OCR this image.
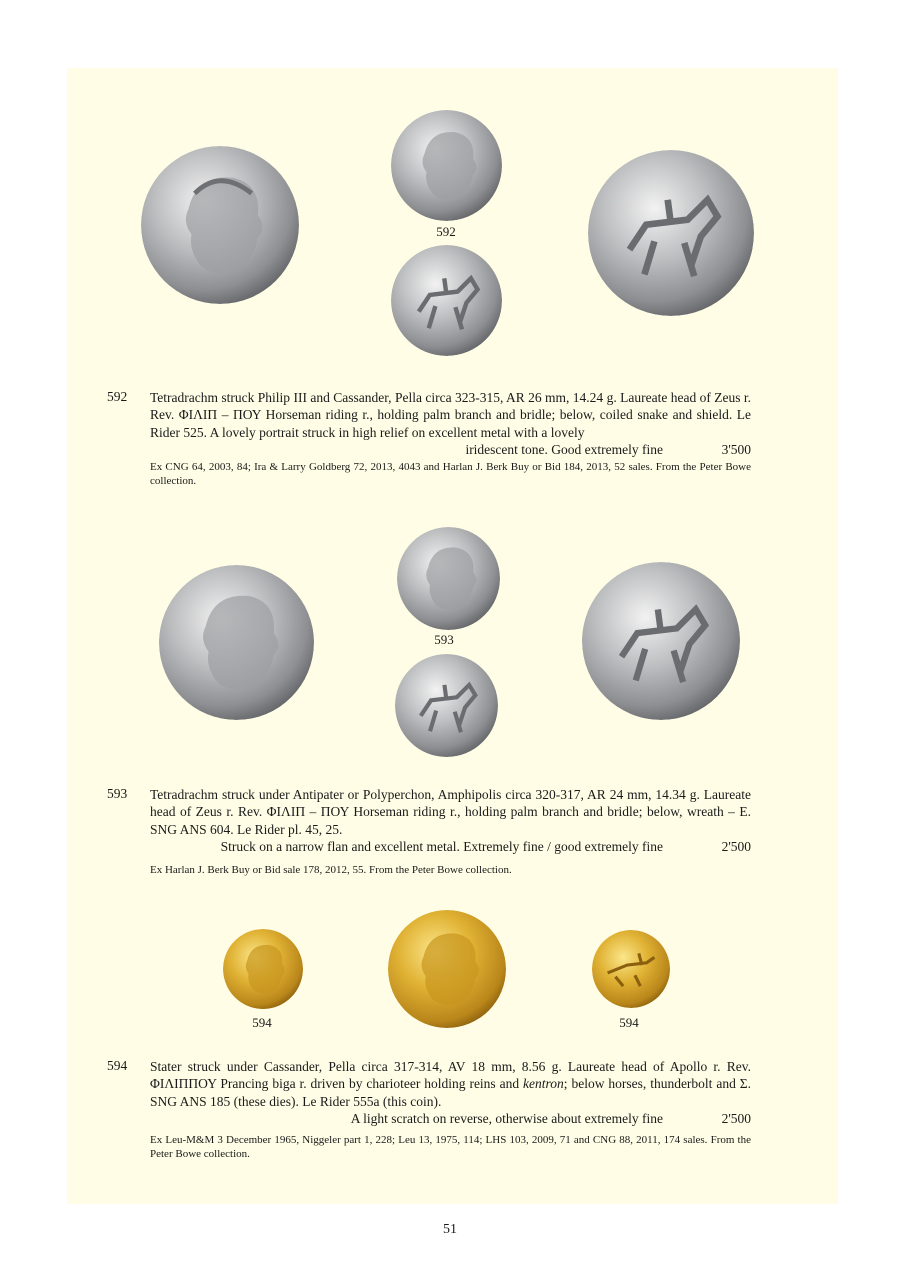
592
592 Tetradrachm struck Philip III and Cassander, Pella circa 323-315, AR 26 mm, 14.24 g. Laureate head of Zeus r. Rev. ΦΙΛΙΠ – ΠΟΥ Horseman riding r., holding palm branch and bridle; below, coiled snake and shield. Le Rider 525. A lovely portrait struck in high relief on excellent metal with a lovely
iridescent tone. Good extremely fine	3'500
Ex CNG 64, 2003, 84; Ira & Larry Goldberg 72, 2013, 4043 and Harlan J. Berk Buy or Bid 184, 2013, 52 sales. From the Peter Bowe collection.
593
593 Tetradrachm struck under Antipater or Polyperchon, Amphipolis circa 320-317, AR 24 mm, 14.34 g. Laureate head of Zeus r. Rev. ΦΙΛΙΠ – ΠΟΥ Horseman riding r., holding palm branch and bridle; below, wreath – Ε. SNG ANS 604. Le Rider pl. 45, 25.
Struck on a narrow flan and excellent metal. Extremely fine / good extremely fine	2'500
Ex Harlan J. Berk Buy or Bid sale 178, 2012, 55. From the Peter Bowe collection.
594	594
594 Stater struck under Cassander, Pella circa 317-314, AV 18 mm, 8.56 g. Laureate head of Apollo r. Rev. ΦΙΛΙΠΠΟΥ Prancing biga r. driven by charioteer holding reins and kentron; below horses, thunderbolt and Σ. SNG ANS 185 (these dies). Le Rider 555a (this coin).
A light scratch on reverse, otherwise about extremely fine	2'500
Ex Leu-M&M 3 December 1965, Niggeler part 1, 228; Leu 13, 1975, 114; LHS 103, 2009, 71 and CNG 88, 2011, 174 sales. From the Peter Bowe collection.
51
